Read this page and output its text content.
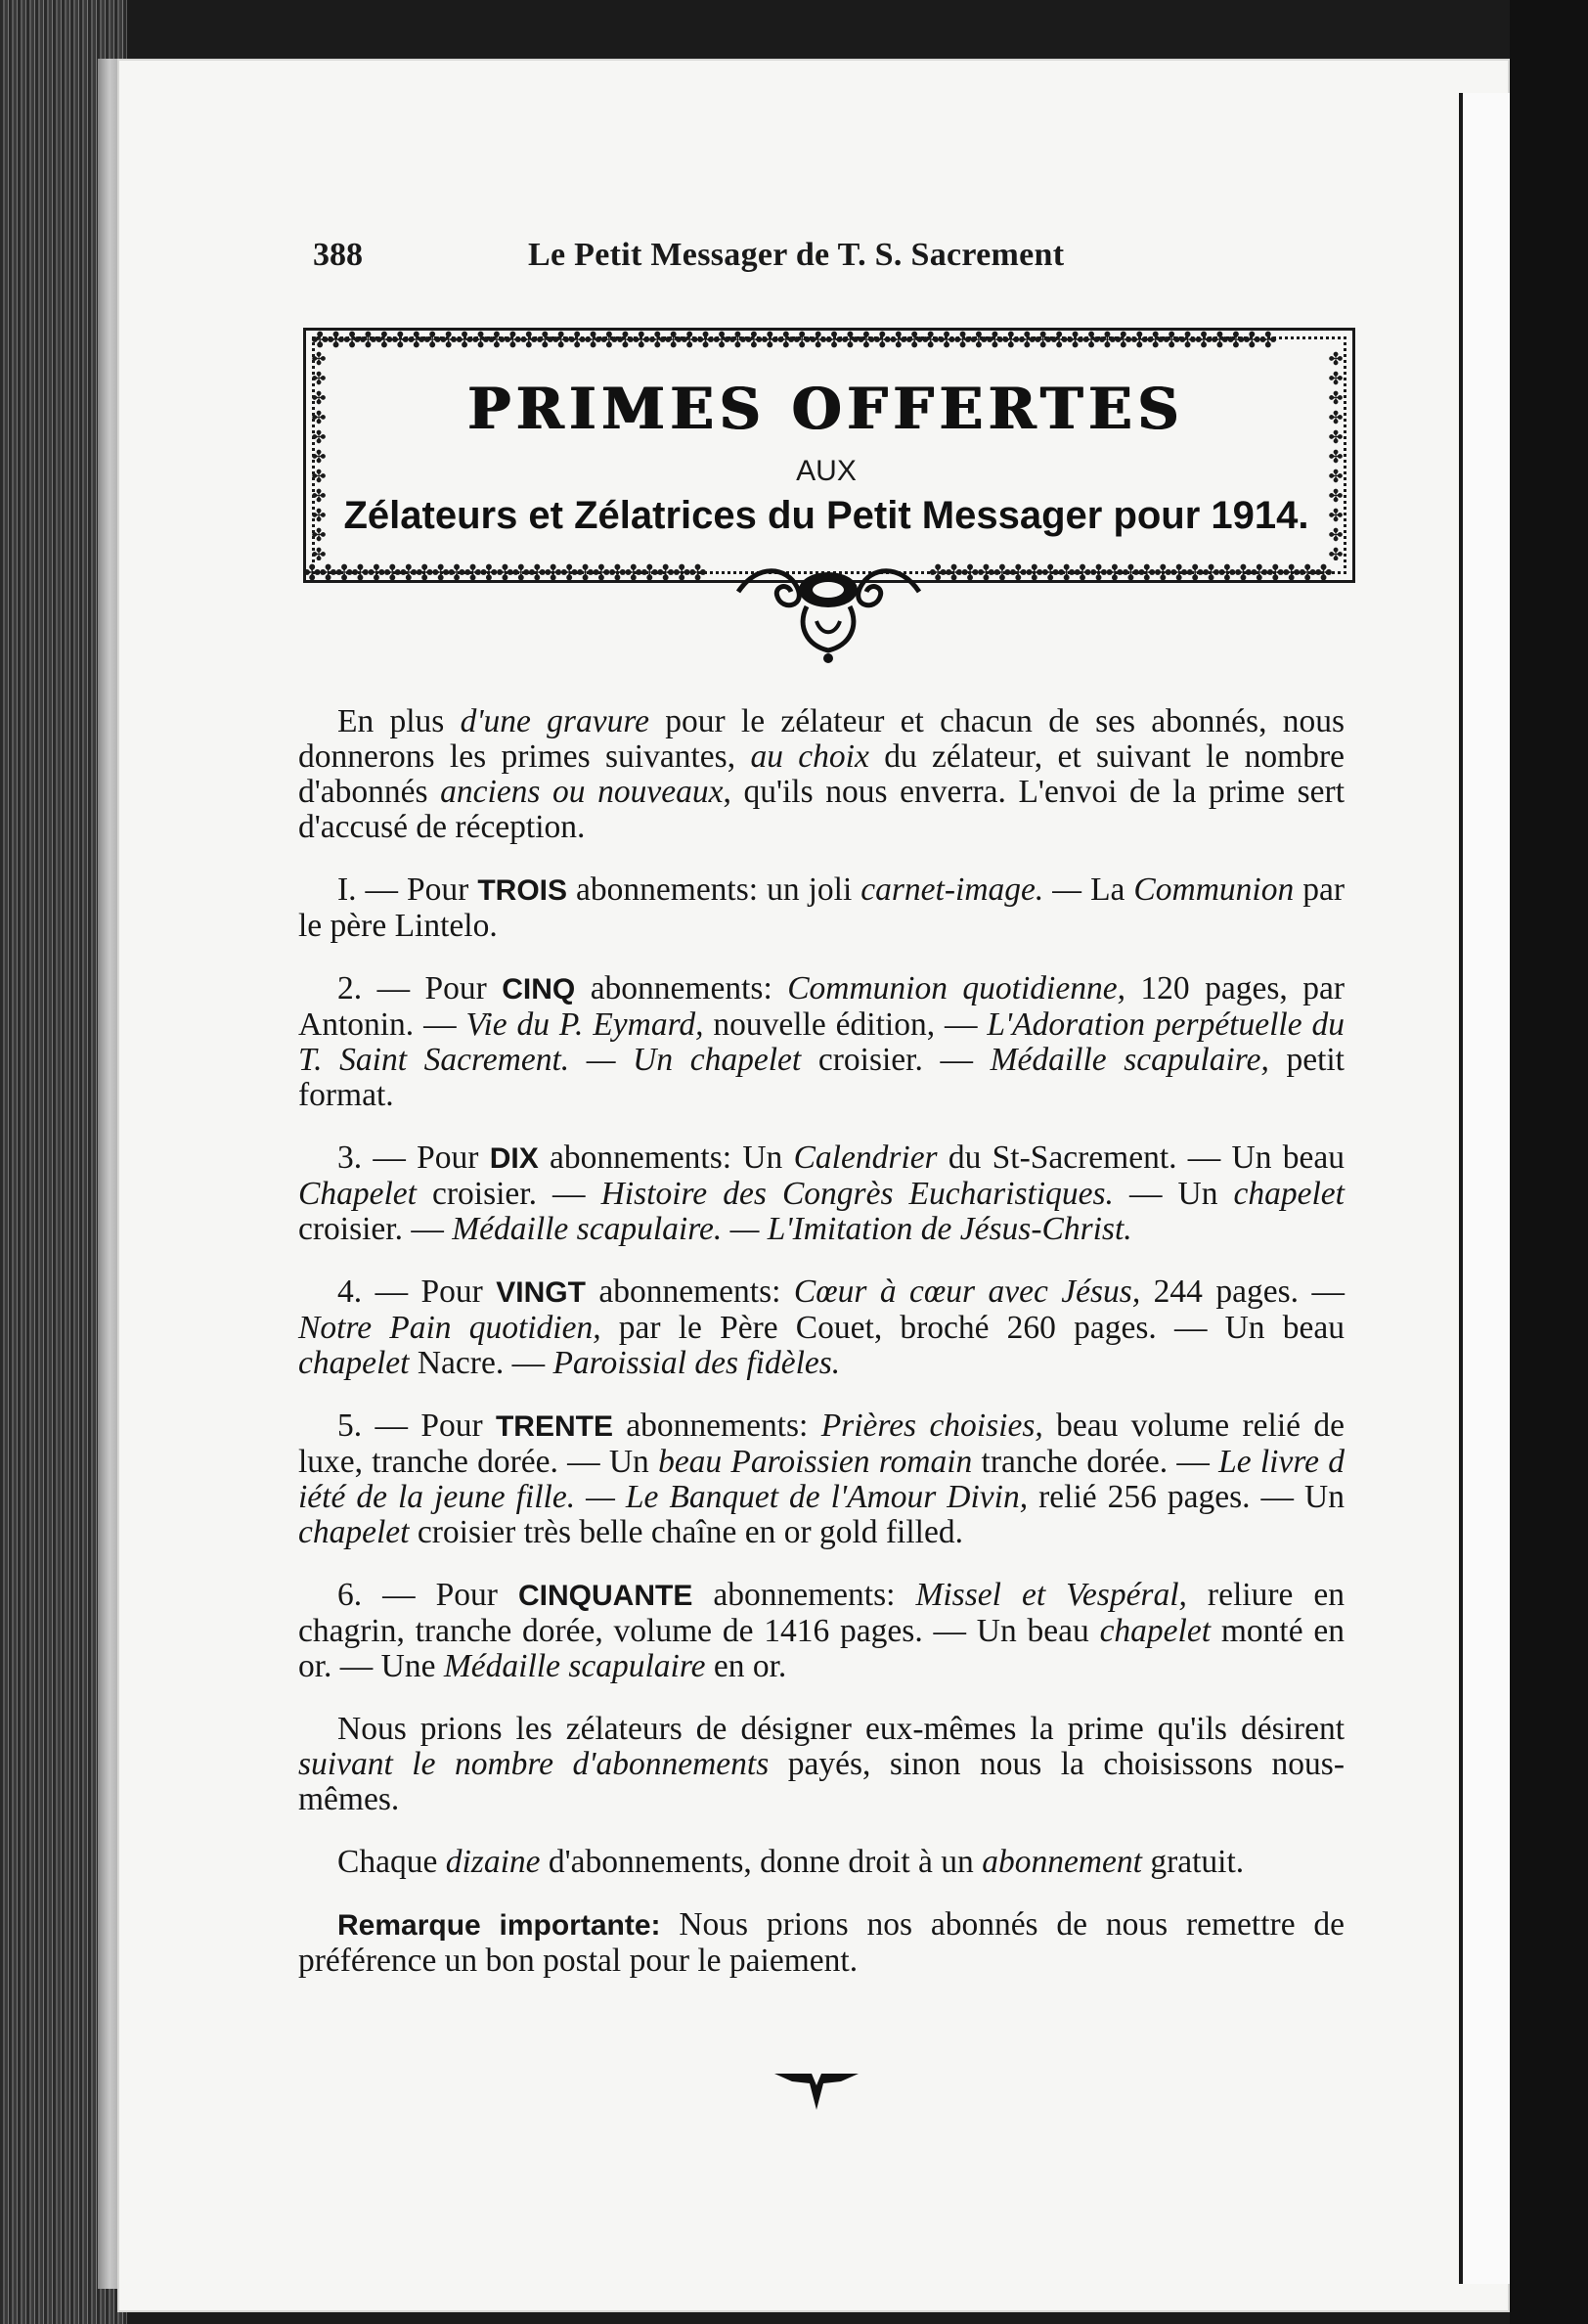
388	Le Petit Messager de T. S. Sacrement
✤✤✤✤✤✤✤✤✤✤✤✤✤✤✤✤✤✤✤✤✤✤✤✤✤✤✤✤✤✤✤✤✤✤✤✤✤✤✤✤✤✤✤✤✤✤✤✤✤✤✤✤✤✤✤✤✤✤✤✤
✤
✤
✤
✤
✤
✤
✤
✤
✤
✤
✤
✤
✤
✤
✤
✤
✤
✤
✤
✤
✤
✤
✤✤✤✤✤✤✤✤✤✤✤✤✤✤✤✤✤✤✤✤✤✤✤✤✤	✤✤✤✤✤✤✤✤✤✤✤✤✤✤✤✤✤✤✤✤✤✤✤✤✤
PRIMES OFFERTES
AUX
Zélateurs et Zélatrices du Petit Messager pour 1914.

En plus d'une gravure pour le zélateur et chacun de ses abonnés, nous donnerons les primes suivantes, au choix du zélateur, et suivant le nombre d'abonnés anciens ou nouveaux, qu'ils nous enverra. L'envoi de la prime sert d'accusé de réception.

I. — Pour TROIS abonnements: un joli carnet-image. — La Communion par le père Lintelo.

2. — Pour CINQ abonnements: Communion quotidienne, 120 pages, par Antonin. — Vie du P. Eymard, nouvelle édition, — L'Adoration perpétuelle du T. Saint Sacrement. — Un chapelet croisier. — Médaille scapulaire, petit format.

3. — Pour DIX abonnements: Un Calendrier du St-Sacrement. — Un beau Chapelet croisier. — Histoire des Congrès Eucharistiques. — Un chapelet croisier. — Médaille scapulaire. — L'Imitation de Jésus-Christ.

4. — Pour VINGT abonnements: Cœur à cœur avec Jésus, 244 pages. — Notre Pain quotidien, par le Père Couet, broché 260 pages. — Un beau chapelet Nacre. — Paroissial des fidèles.

5. — Pour TRENTE abonnements: Prières choisies, beau volume relié de luxe, tranche dorée. — Un beau Paroissien romain tranche dorée. — Le livre d iété de la jeune fille. — Le Banquet de l'Amour Divin, relié 256 pages. — Un chapelet croisier très belle chaîne en or gold filled.

6. — Pour CINQUANTE abonnements: Missel et Vespéral, reliure en chagrin, tranche dorée, volume de 1416 pages. — Un beau chapelet monté en or. — Une Médaille scapulaire en or.

Nous prions les zélateurs de désigner eux-mêmes la prime qu'ils désirent suivant le nombre d'abonnements payés, sinon nous la choisissons nous-mêmes.

Chaque dizaine d'abonnements, donne droit à un abonnement gratuit.

Remarque importante: Nous prions nos abonnés de nous remettre de préférence un bon postal pour le paiement.
